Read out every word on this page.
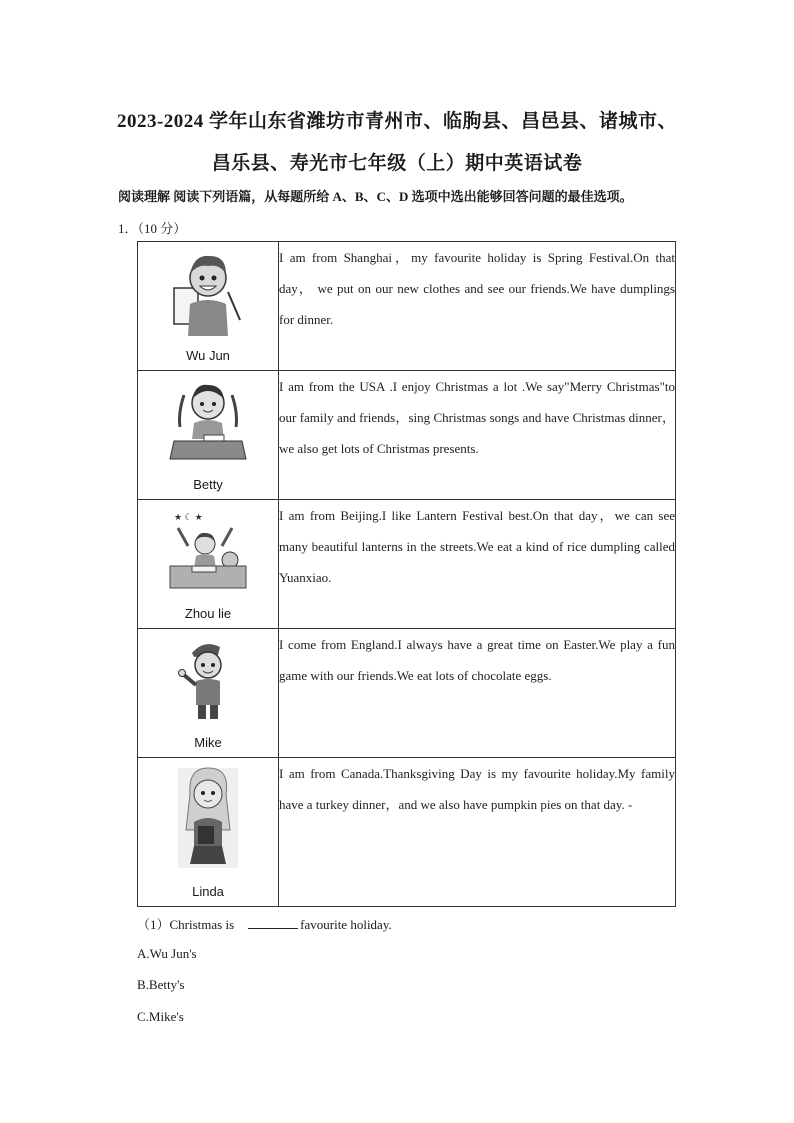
2023-2024 学年山东省潍坊市青州市、临朐县、昌邑县、诸城市、
昌乐县、寿光市七年级（上）期中英语试卷
阅读理解 阅读下列语篇，从每题所给 A、B、C、D 选项中选出能够回答问题的最佳选项。
1．（10 分）
Wu Jun	I am from Shanghai，my favourite holiday is Spring Festival.On that day， we put on our new clothes and see our friends.We have dumplings for dinner.

Betty	I am from the USA .I enjoy Christmas a lot .We say"Merry Christmas"to our family and friends，sing Christmas songs and have Christmas dinner，we also get lots of Christmas presents.

★ ☾ ★
Zhou lie	I am from Beijing.I like Lantern Festival best.On that day，we can see many beautiful lanterns in the streets.We eat a kind of rice dumpling called Yuanxiao.

Mike	I come from England.I always have a great time on Easter.We play a fun game with our friends.We eat lots of chocolate eggs.

Linda	I am from Canada.Thanksgiving Day is my favourite holiday.My family have a turkey dinner，and we also have pumpkin pies on that day. -
（1）Christmas is	favourite holiday.
A.Wu Jun's
B.Betty's
C.Mike's
